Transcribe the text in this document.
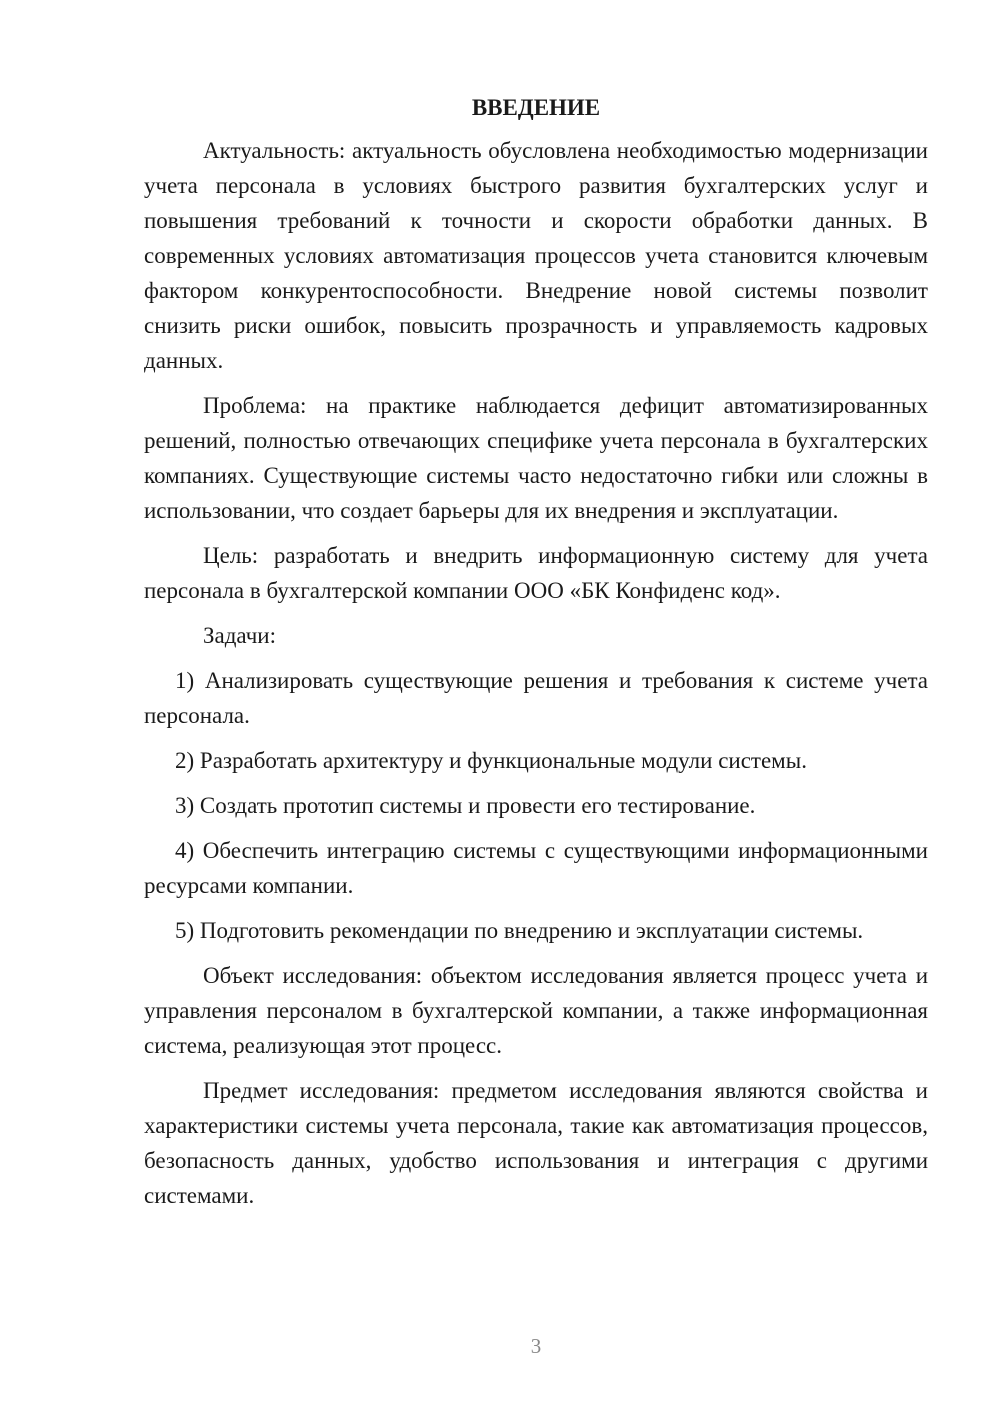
ВВЕДЕНИЕ

Актуальность: актуальность обусловлена необходимостью модернизации учета персонала в условиях быстрого развития бухгалтерских услуг и повышения требований к точности и скорости обработки данных. В современных условиях автоматизация процессов учета становится ключевым фактором конкурентоспособности. Внедрение новой системы позволит снизить риски ошибок, повысить прозрачность и управляемость кадровых данных.

Проблема: на практике наблюдается дефицит автоматизированных решений, полностью отвечающих специфике учета персонала в бухгалтерских компаниях. Существующие системы часто недостаточно гибки или сложны в использовании, что создает барьеры для их внедрения и эксплуатации.

Цель: разработать и внедрить информационную систему для учета персонала в бухгалтерской компании ООО «БК Конфиденс код».

Задачи:

1) Анализировать существующие решения и требования к системе учета персонала.

2) Разработать архитектуру и функциональные модули системы.

3) Создать прототип системы и провести его тестирование.

4) Обеспечить интеграцию системы с существующими информационными ресурсами компании.

5) Подготовить рекомендации по внедрению и эксплуатации системы.

Объект исследования: объектом исследования является процесс учета и управления персоналом в бухгалтерской компании, а также информационная система, реализующая этот процесс.

Предмет исследования: предметом исследования являются свойства и характеристики системы учета персонала, такие как автоматизация процессов, безопасность данных, удобство использования и интеграция с другими системами.

3
